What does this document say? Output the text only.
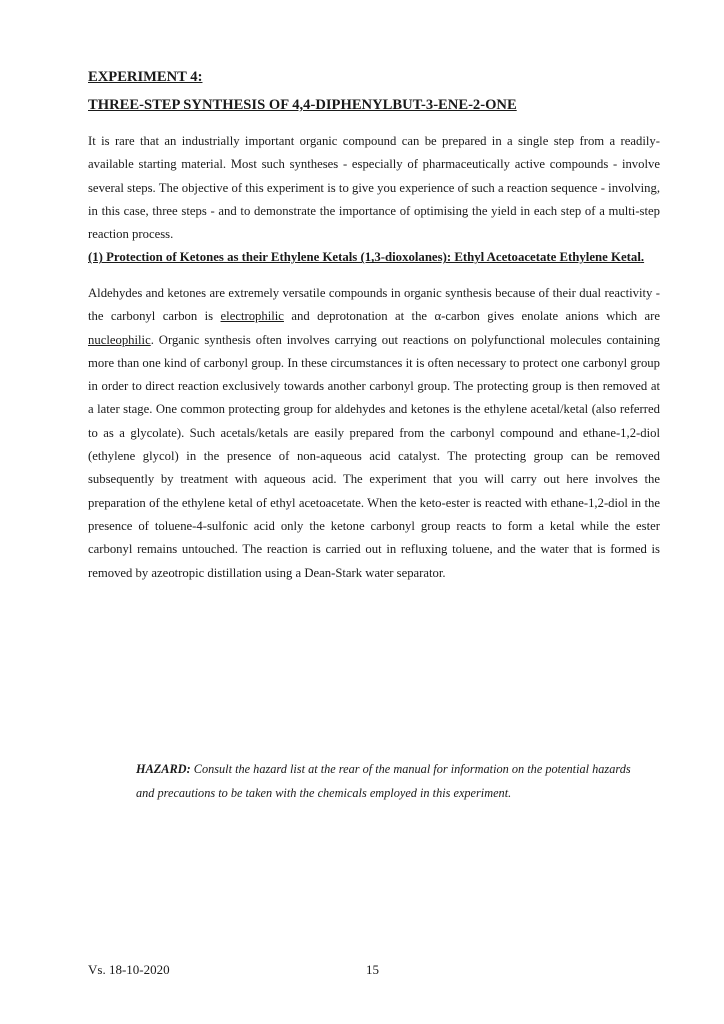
EXPERIMENT 4:
THREE-STEP SYNTHESIS OF 4,4-DIPHENYLBUT-3-ENE-2-ONE

It is rare that an industrially important organic compound can be prepared in a single step from a readily-available starting material. Most such syntheses - especially of pharmaceutically active compounds - involve several steps. The objective of this experiment is to give you experience of such a reaction sequence - involving, in this case, three steps - and to demonstrate the importance of optimising the yield in each step of a multi-step reaction process.

(1) Protection of Ketones as their Ethylene Ketals (1,3-dioxolanes): Ethyl Acetoacetate Ethylene Ketal.

Aldehydes and ketones are extremely versatile compounds in organic synthesis because of their dual reactivity - the carbonyl carbon is electrophilic and deprotonation at the α-carbon gives enolate anions which are nucleophilic. Organic synthesis often involves carrying out reactions on polyfunctional molecules containing more than one kind of carbonyl group. In these circumstances it is often necessary to protect one carbonyl group in order to direct reaction exclusively towards another carbonyl group. The protecting group is then removed at a later stage. One common protecting group for aldehydes and ketones is the ethylene acetal/ketal (also referred to as a glycolate). Such acetals/ketals are easily prepared from the carbonyl compound and ethane-1,2-diol (ethylene glycol) in the presence of non-aqueous acid catalyst. The protecting group can be removed subsequently by treatment with aqueous acid. The experiment that you will carry out here involves the preparation of the ethylene ketal of ethyl acetoacetate. When the keto-ester is reacted with ethane-1,2-diol in the presence of toluene-4-sulfonic acid only the ketone carbonyl group reacts to form a ketal while the ester carbonyl remains untouched. The reaction is carried out in refluxing toluene, and the water that is formed is removed by azeotropic distillation using a Dean-Stark water separator.

HAZARD: Consult the hazard list at the rear of the manual for information on the potential hazards and precautions to be taken with the chemicals employed in this experiment.

Vs. 18-10-2020	15
